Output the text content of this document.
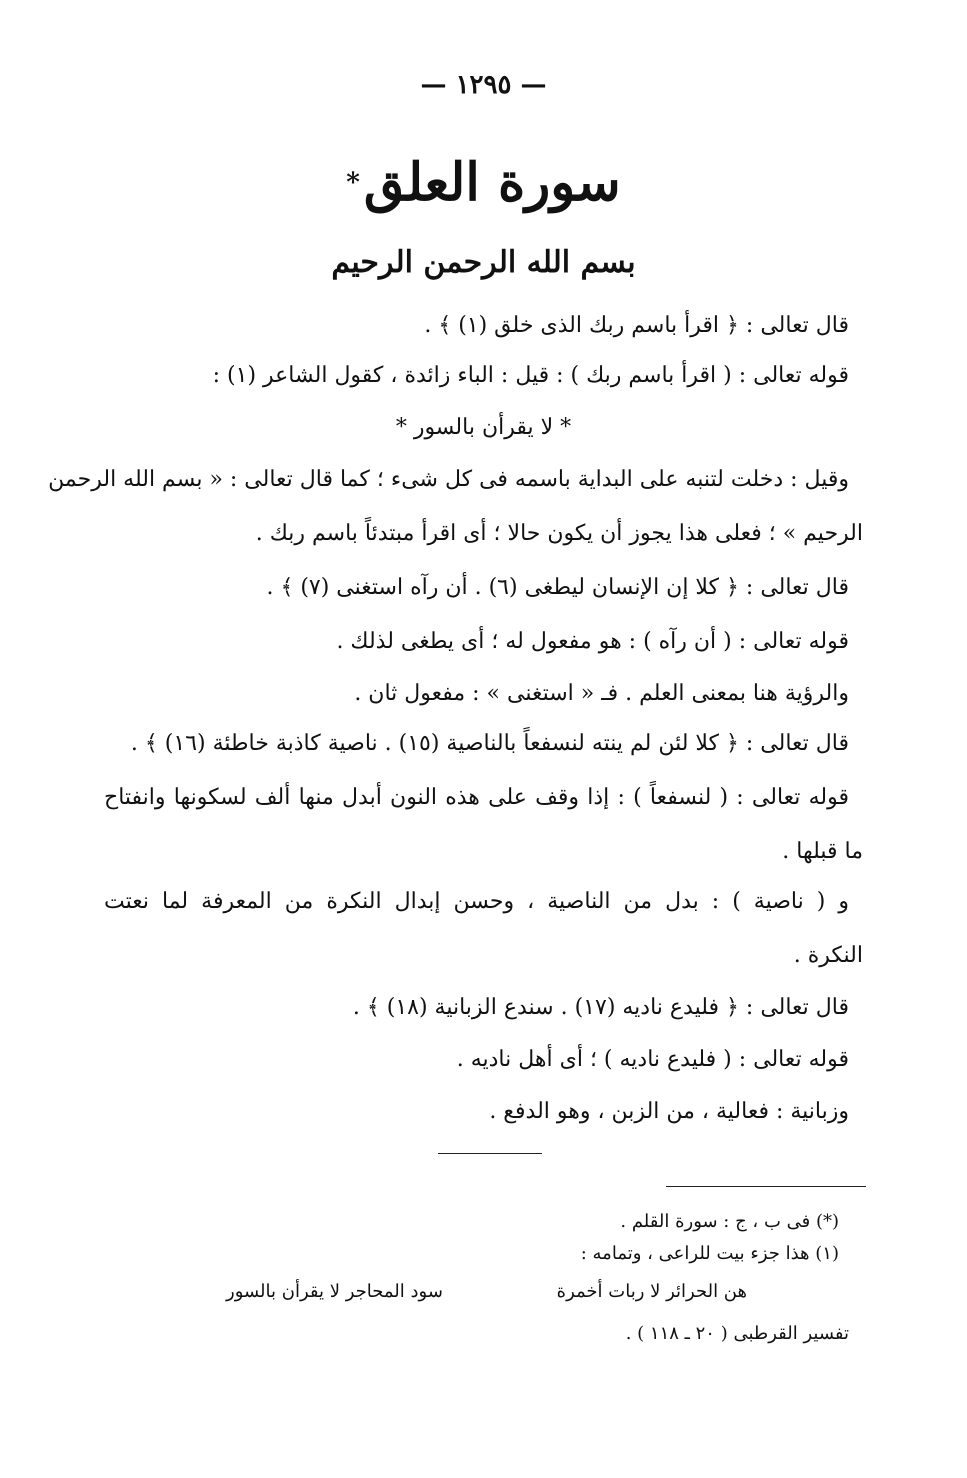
— ١٢٩٥ —
سورة العلق*
بسم الله الرحمن الرحيم
قال تعالى : ﴿ اقرأ باسم ربك الذى خلق (١) ﴾ .
قوله تعالى : ( اقرأ باسم ربك ) : قيل : الباء زائدة ، كقول الشاعر (١) :
* لا يقرأن بالسور *
وقيل : دخلت لتنبه على البداية باسمه فى كل شىء ؛ كما قال تعالى : « بسم الله الرحمن
الرحيم » ؛ فعلى هذا يجوز أن يكون حالا ؛ أى اقرأ مبتدئاً باسم ربك .
قال تعالى : ﴿ كلا إن الإنسان ليطغى (٦) . أن رآه استغنى (٧) ﴾ .
قوله تعالى : ( أن رآه ) : هو مفعول له ؛ أى يطغى لذلك .
والرؤية هنا بمعنى العلم . فـ « استغنى » : مفعول ثان .
قال تعالى : ﴿ كلا لئن لم ينته لنسفعاً بالناصية (١٥) . ناصية كاذبة خاطئة (١٦) ﴾ .
قوله تعالى : ( لنسفعاً ) : إذا وقف على هذه النون أبدل منها ألف لسكونها وانفتاح
ما قبلها .
و ( ناصية ) : بدل من الناصية ، وحسن إبدال النكرة من المعرفة لما نعتت
النكرة .
قال تعالى : ﴿ فليدع ناديه (١٧) . سندع الزبانية (١٨) ﴾ .
قوله تعالى : ( فليدع ناديه ) ؛ أى أهل ناديه .
وزبانية : فعالية ، من الزبن ، وهو الدفع .
(*) فى ب ، ج : سورة القلم .
(١) هذا جزء بيت للراعى ، وتمامه :
هن الحرائر لا ربات أخمرة
سود المحاجر لا يقرأن بالسور
تفسير القرطبى ( ٢٠ ـ ١١٨ ) .
